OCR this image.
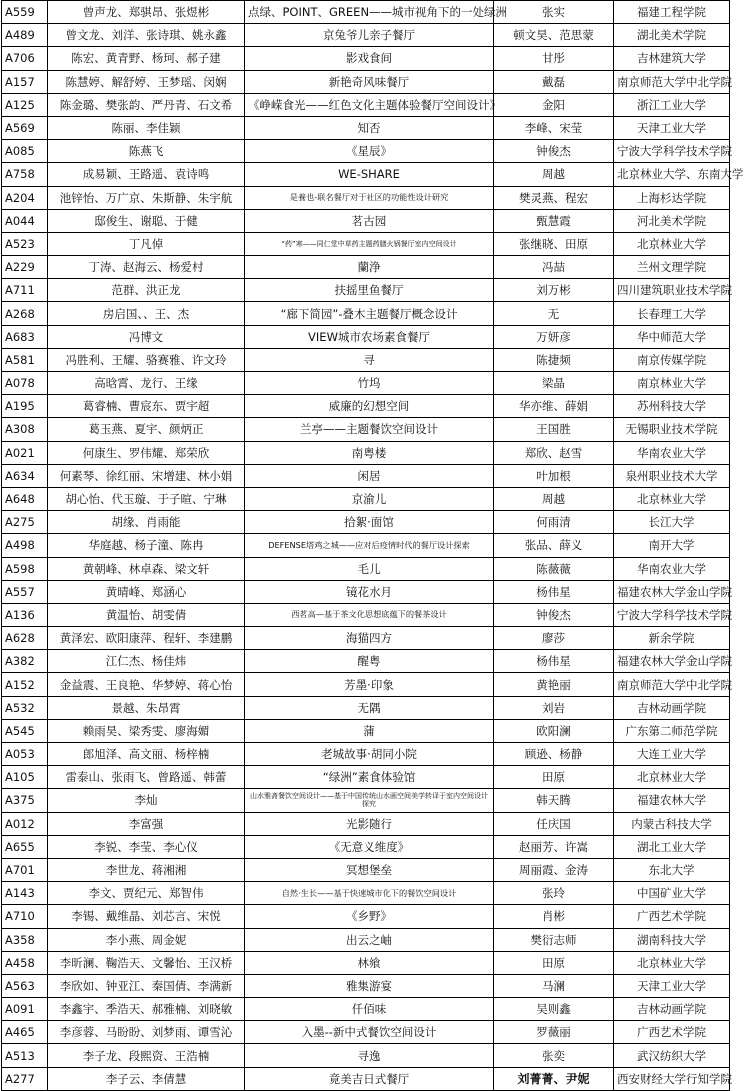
A559	曾声龙、郑骐昂、张煜彬	点绿、POINT、GREEN——城市视角下的一处绿洲	张实	福建工程学院
A489	曾文龙、刘洋、张诗琪、姚永鑫	京兔爷儿亲子餐厅	顿文昊、范思蒙	湖北美术学院
A706	陈宏、黄青野、杨珂、郝子建	影戏食间	甘彤	吉林建筑大学
A157	陈慧婷、解舒婷、王梦瑶、闵娴	新艳奇风味餐厅	戴磊	南京师范大学中北学院
A125	陈金璐、樊张韵、严丹青、石文希	《峥嵘食光——红色文化主题体验餐厅空间设计》	金阳	浙江工业大学
A569	陈丽、李佳颖	知否	李峰、宋莹	天津工业大学
A085	陈燕飞	《星辰》	钟俊杰	宁波大学科学技术学院
A758	成易颖、王路遥、袁诗鸣	WE-SHARE	周越	北京林业大学、东南大学
A204	池锌怡、万广京、朱斯静、朱宇航	是養也-联名餐厅对于社区的功能性设计研究	樊灵燕、程宏	上海杉达学院
A044	邸俊生、谢聪、于健	茗古园	甄慧霞	河北美术学院
A523	丁凡倬	“药”寒——同仁堂中草药主题药膳火锅餐厅室内空间设计	张继晓、田原	北京林业大学
A229	丁涛、赵海云、杨爱村	蘭浄	冯喆	兰州文理学院
A711	范群、洪正龙	扶摇里鱼餐厅	刘万彬	四川建筑职业技术学院
A268	房启国、、王、杰	“廊下简园”-叠木主题餐厅概念设计	无	长春理工大学
A683	冯博文	VIEW城市农场素食餐厅	万妍彦	华中师范大学
A581	冯胜利、王耀、骆赛雅、许文玲	寻	陈捷频	南京传媒学院
A078	高晗霄、龙行、王缘	竹坞	梁晶	南京林业大学
A195	葛睿楠、曹宸东、贾宇超	威廉的幻想空间	华亦维、薛娟	苏州科技大学
A308	葛玉燕、夏宇、颜炳正	兰亭——主题餐饮空间设计	王国胜	无锡职业技术学院
A021	何康生、罗伟耀、郑荣欣	南粤楼	郑欣、赵雪	华南农业大学
A634	何素琴、徐红丽、宋增建、林小娟	闲居	叶加根	泉州职业技术大学
A648	胡心怡、代玉璇、于子暄、宁琳	京渝儿	周越	北京林业大学
A275	胡缘、肖雨能	拾絮·面馆	何雨清	长江大学
A498	华庭越、杨子潼、陈冉	DEFENSE塔鸡之城——应对后疫情时代的餐厅设计探索	张品、薛义	南开大学
A598	黄朝峰、林卓森、梁文轩	毛儿	陈薇薇	华南农业大学
A557	黄晴峰、郑涵心	镜花水月	杨伟星	福建农林大学金山学院
A136	黄温怡、胡雯倩	西茗高—基于茶文化思想底蕴下的餐茶设计	钟俊杰	宁波大学科学技术学院
A628	黄泽宏、欧阳康萍、程轩、李建鹏	海猫四方	廖莎	新余学院
A382	江仁杰、杨佳炜	醒粤	杨伟星	福建农林大学金山学院
A152	金益震、王良艳、华梦婷、蒋心怡	芳墨·印象	黄艳丽	南京师范大学中北学院
A532	景越、朱昂霄	无隅	刘岩	吉林动画学院
A545	赖雨昊、梁秀雯、廖海媚	蒲	欧阳澜	广东第二师范学院
A053	郎旭泽、高文丽、杨梓楠	老城故事·胡同小院	顾逊、杨静	大连工业大学
A105	雷泰山、张雨飞、曾路遥、韩蕾	“绿洲”素食体验馆	田原	北京林业大学
A375	李灿	山水雅斋餐饮空间设计——基于中国传统山水画空间美学转译于室内空间设计探究	韩天腾	福建农林大学
A012	李富强	光影随行	任庆国	内蒙古科技大学
A655	李锐、李莹、李心仪	《无意义维度》	赵丽芳、许嵩	湖北工业大学
A701	李世龙、蒋湘湘	冥想堡垒	周丽霞、金涛	东北大学
A143	李文、贾纪元、郑智伟	自然·生长——基于快速城市化下的餐饮空间设计	张玲	中国矿业大学
A710	李锡、戴维晶、刘芯言、宋悦	《乡野》	肖彬	广西艺术学院
A358	李小燕、周金妮	出云之岫	樊衍志师	湖南科技大学
A458	李昕澜、鞠浩天、文馨怡、王汉桥	林飨	田原	北京林业大学
A563	李欣如、钟亚江、秦国倩、李满新	雅集游宴	马澜	天津工业大学
A091	李鑫宇、季浩天、郝雅楠、刘晓敏	仟佰味	吴则鑫	吉林动画学院
A465	李彦蓉、马盼盼、刘梦雨、谭雪沁	入墨--新中式餐饮空间设计	罗薇丽	广西艺术学院
A513	李子龙、段熙资、王浩楠	寻逸	张奕	武汉纺织大学
A277	李子云、李倩慧	竟美吉日式餐厅	刘菁菁、尹妮	西安财经大学行知学院
